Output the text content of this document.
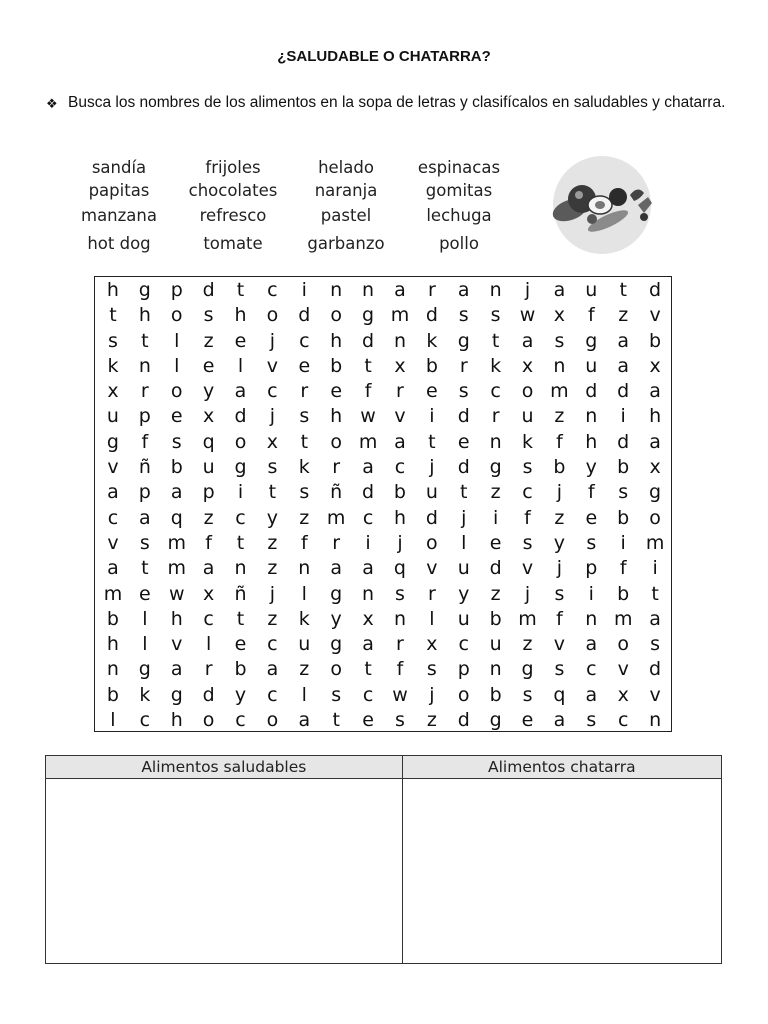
¿SALUDABLE O CHATARRA?
❖ Busca los nombres de los alimentos en la sopa de letras y clasifícalos en saludables y chatarra.
sandía	frijoles	helado	espinacas
papitas	chocolates	naranja	gomitas
manzana	refresco	pastel	lechuga
hot dog	tomate	garbanzo	pollo
h	g	p	d	t	c	i	n	n	a	r	a	n	j	a	u	t	d
t	h	o	s	h	o	d	o	g m d	s	s	w x	f	z	v
s	t	l	z	e	j	c	h	d	n	k	g	t	a	s	g	a	b
k	n	l	e	l	v	e	b	t	x	b	r	k	x	n	u	a	x
x	r	o	y	a	c	r	e	f	r	e	s	c	o m d	d	a
u	p	e	x	d	j	s	h w v	i	d	r	u	z	n	i	h
g	f	s	q	o	x	t	o m a	t	e	n	k	f	h	d	a
v	ñ	b	u	g	s	k	r	a	c	j	d	g	s	b	y	b	x
a	p	a	p	i	t	s	ñ	d	b	u	t	z	c	j	f	s	g
c	a	q	z	c	y	z m c	h	d	j	i	f	z	e	b	o
v	s m	f	t	z	f	r	i	j	o	l	e	s	y	s	i	m
a	t m a	n	z	n	a	a	q	v	u	d	v	j	p	f	i
m e w x	ñ	j	l	g	n	s	r	y	z	j	s	i	b	t
b	l	h	c	t	z	k	y	x	n	l	u	b m	f	n m a
h	l	v	l	e	c	u	g	a	r	x	c	u	z	v	a	o	s
n	g	a	r	b	a	z	o	t	f	s	p	n	g	s	c	v	d
b	k	g	d	y	c	l	s	c w	j	o	b	s	q	a	x	v
l	c	h	o	c	o	a	t	e	s	z	d	g	e	a	s	c	n
Alimentos saludables	Alimentos chatarra
